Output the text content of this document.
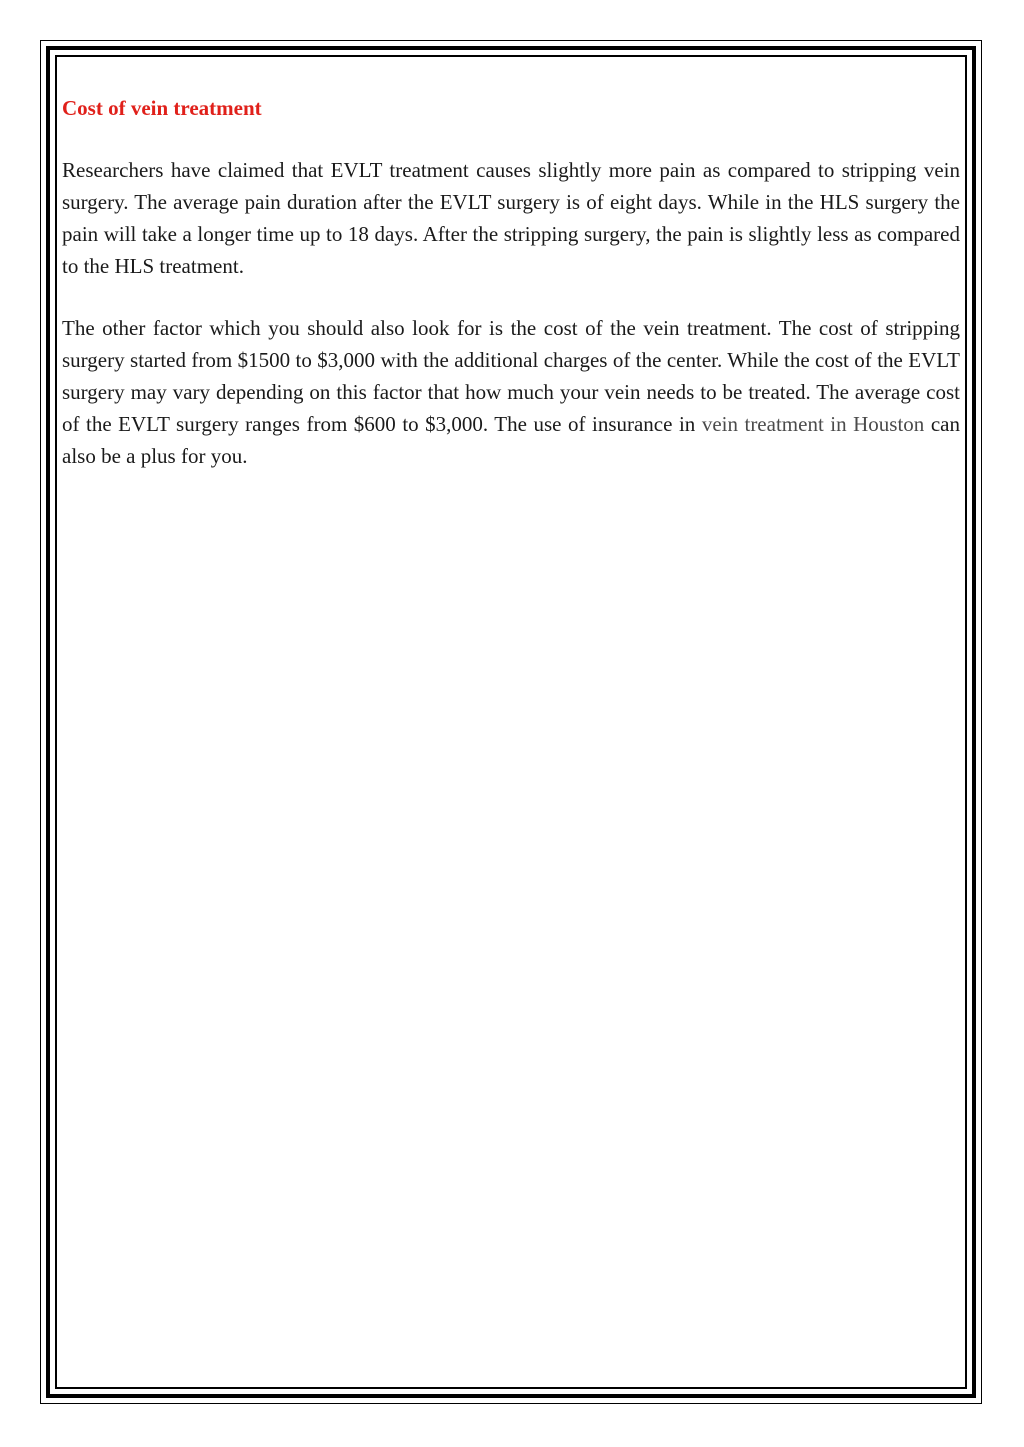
Cost of vein treatment

Researchers have claimed that EVLT treatment causes slightly more pain as compared to stripping vein surgery. The average pain duration after the EVLT surgery is of eight days. While in the HLS surgery the pain will take a longer time up to 18 days. After the stripping surgery, the pain is slightly less as compared to the HLS treatment.

The other factor which you should also look for is the cost of the vein treatment. The cost of stripping surgery started from $1500 to $3,000 with the additional charges of the center. While the cost of the EVLT surgery may vary depending on this factor that how much your vein needs to be treated. The average cost of the EVLT surgery ranges from $600 to $3,000. The use of insurance in vein treatment in Houston can also be a plus for you.
